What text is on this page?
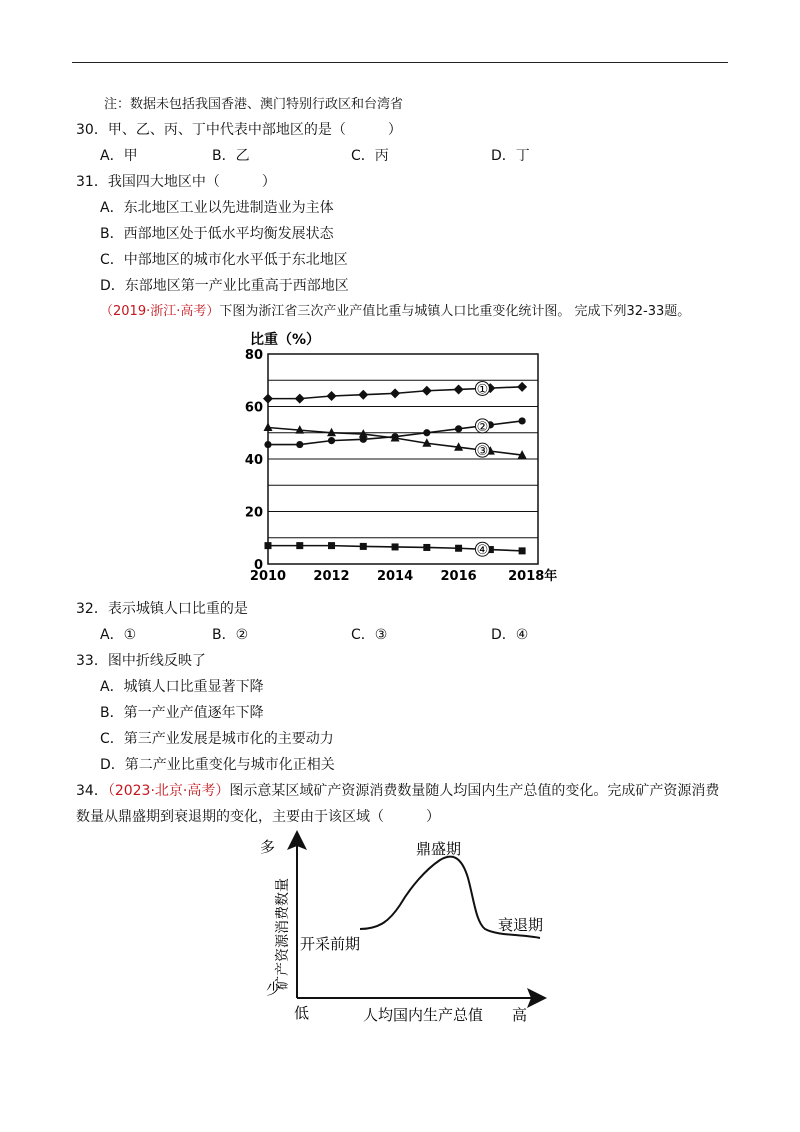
注：数据未包括我国香港、澳门特别行政区和台湾省
30．甲、乙、丙、丁中代表中部地区的是（　　　）
A．甲	B．乙	C．丙	D．丁
31．我国四大地区中（　　　）
A．东北地区工业以先进制造业为主体
B．西部地区处于低水平均衡发展状态
C．中部地区的城市化水平低于东北地区
D．东部地区第一产业比重高于西部地区
（2019·浙江·高考）下图为浙江省三次产业产值比重与城镇人口比重变化统计图。 完成下列32-33题。
0
20
40
60
80
比重（%）
2010 2012 2014 2016 2018年
①
②
③
④
32．表示城镇人口比重的是
A．①	B．②	C．③	D．④
33．图中折线反映了
A．城镇人口比重显著下降
B．第一产业产值逐年下降
C．第三产业发展是城市化的主要动力
D．第二产业比重变化与城市化正相关
34．（2023·北京·高考）图示意某区域矿产资源消费数量随人均国内生产总值的变化。完成矿产资源消费
数量从鼎盛期到衰退期的变化，主要由于该区域（　　　）
多
少
矿产资源消费数量
低	人均国内生产总值 高
开采前期
鼎盛期
衰退期
